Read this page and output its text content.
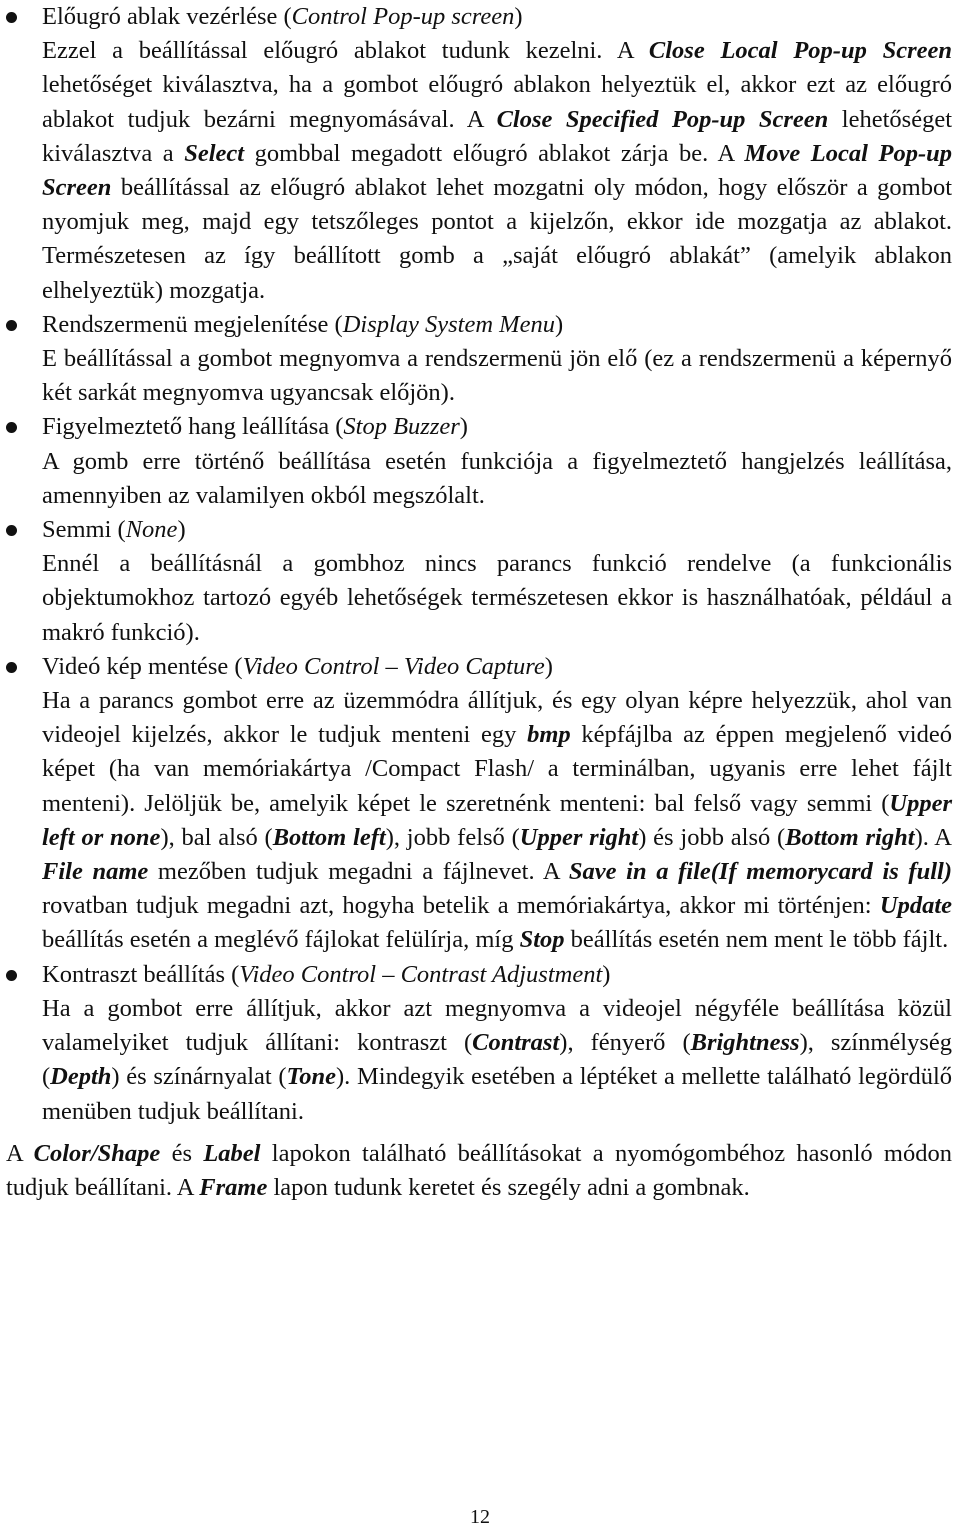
Előugró ablak vezérlése (Control Pop-up screen)
Ezzel a beállítással előugró ablakot tudunk kezelni. A Close Local Pop-up Screen lehetőséget kiválasztva, ha a gombot előugró ablakon helyeztük el, akkor ezt az előugró ablakot tudjuk bezárni megnyomásával. A Close Specified Pop-up Screen lehetőséget kiválasztva a Select gombbal megadott előugró ablakot zárja be. A Move Local Pop-up Screen beállítással az előugró ablakot lehet mozgatni oly módon, hogy először a gombot nyomjuk meg, majd egy tetszőleges pontot a kijelzőn, ekkor ide mozgatja az ablakot. Természetesen az így beállított gomb a „saját előugró ablakát” (amelyik ablakon elhelyeztük) mozgatja.
Rendszermenü megjelenítése (Display System Menu)
E beállítással a gombot megnyomva a rendszermenü jön elő (ez a rendszermenü a képernyő két sarkát megnyomva ugyancsak előjön).
Figyelmeztető hang leállítása (Stop Buzzer)
A gomb erre történő beállítása esetén funkciója a figyelmeztető hangjelzés leállítása, amennyiben az valamilyen okból megszólalt.
Semmi (None)
Ennél a beállításnál a gombhoz nincs parancs funkció rendelve (a funkcionális objektumokhoz tartozó egyéb lehetőségek természetesen ekkor is használhatóak, például a makró funkció).
Videó kép mentése (Video Control – Video Capture)
Ha a parancs gombot erre az üzemmódra állítjuk, és egy olyan képre helyezzük, ahol van videojel kijelzés, akkor le tudjuk menteni egy bmp képfájlba az éppen megjelenő videó képet (ha van memóriakártya /Compact Flash/ a terminálban, ugyanis erre lehet fájlt menteni). Jelöljük be, amelyik képet le szeretnénk menteni: bal felső vagy semmi (Upper left or none), bal alsó (Bottom left), jobb felső (Upper right) és jobb alsó (Bottom right). A File name mezőben tudjuk megadni a fájlnevet. A Save in a file(If memorycard is full) rovatban tudjuk megadni azt, hogyha betelik a memóriakártya, akkor mi történjen: Update beállítás esetén a meglévő fájlokat felülírja, míg Stop beállítás esetén nem ment le több fájlt.
Kontraszt beállítás (Video Control – Contrast Adjustment)
Ha a gombot erre állítjuk, akkor azt megnyomva a videojel négyféle beállítása közül valamelyiket tudjuk állítani: kontraszt (Contrast), fényerő (Brightness), színmélység (Depth) és színárnyalat (Tone). Mindegyik esetében a léptéket a mellette található legördülő menüben tudjuk beállítani.
A Color/Shape és Label lapokon található beállításokat a nyomógombéhoz hasonló módon tudjuk beállítani. A Frame lapon tudunk keretet és szegély adni a gombnak.
12
